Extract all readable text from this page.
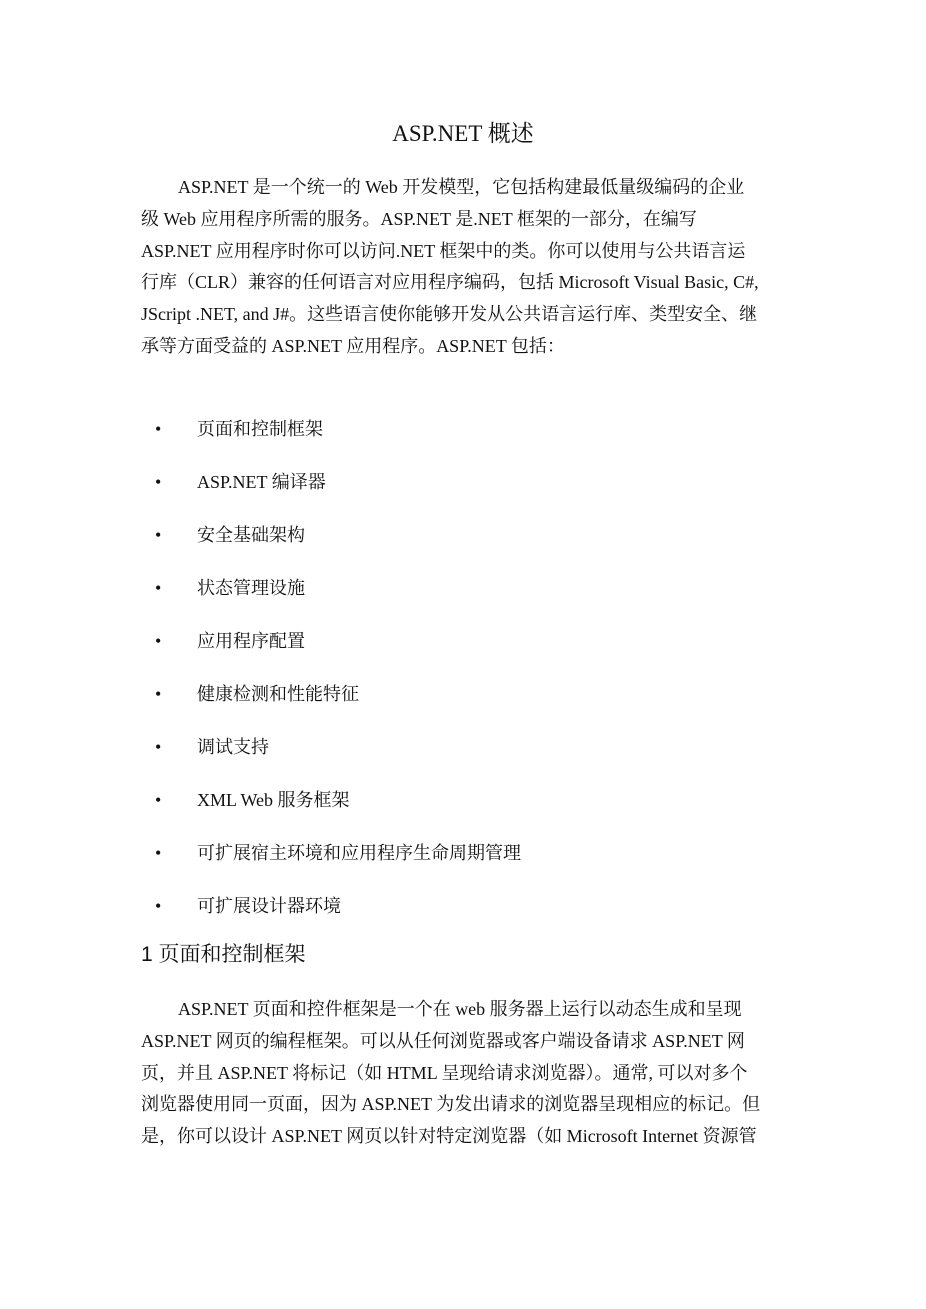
ASP.NET 概述
ASP.NET 是一个统一的 Web 开发模型，它包括构建最低量级编码的企业
级 Web 应用程序所需的服务。ASP.NET 是.NET 框架的一部分，在编写
ASP.NET 应用程序时你可以访问.NET 框架中的类。你可以使用与公共语言运
行库（CLR）兼容的任何语言对应用程序编码，包括 Microsoft Visual Basic, C#,
JScript .NET, and J#。这些语言使你能够开发从公共语言运行库、类型安全、继
承等方面受益的 ASP.NET 应用程序。ASP.NET 包括：
•	页面和控制框架
•	ASP.NET 编译器
•	安全基础架构
•	状态管理设施
•	应用程序配置
•	健康检测和性能特征
•	调试支持
•	XML Web 服务框架
•	可扩展宿主环境和应用程序生命周期管理
•	可扩展设计器环境
1 页面和控制框架
ASP.NET 页面和控件框架是一个在 web 服务器上运行以动态生成和呈现
ASP.NET 网页的编程框架。可以从任何浏览器或客户端设备请求 ASP.NET 网
页，并且 ASP.NET 将标记（如 HTML 呈现给请求浏览器）。通常, 可以对多个
浏览器使用同一页面，因为 ASP.NET 为发出请求的浏览器呈现相应的标记。但
是，你可以设计 ASP.NET 网页以针对特定浏览器（如 Microsoft Internet 资源管
